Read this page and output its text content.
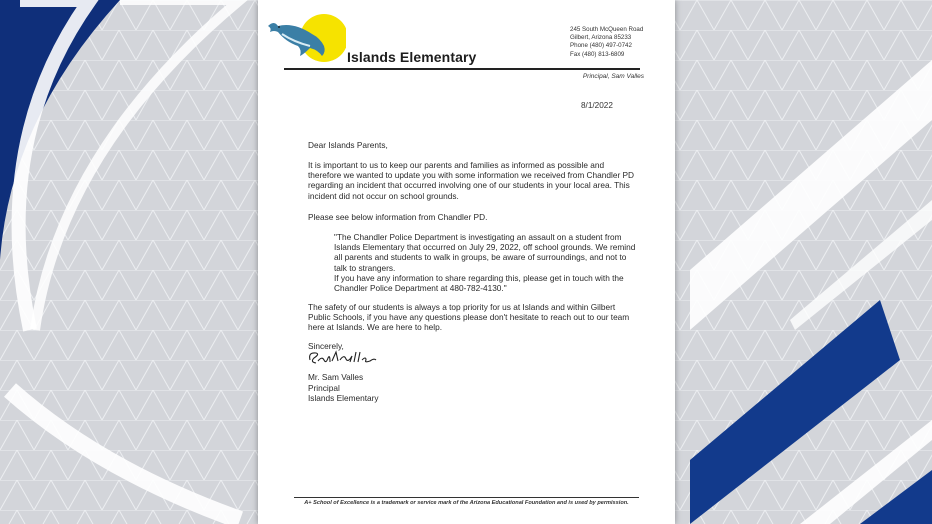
Islands Elementary
245 South McQueen Road
Gilbert, Arizona 85233
Phone (480) 497-0742
Fax (480) 813-6809
Principal, Sam Valles
8/1/2022
Dear Islands Parents,
It is important to us to keep our parents and families as informed as possible and therefore we wanted to update you with some information we received from Chandler PD regarding an incident that occurred involving one of our students in your local area. This incident did not occur on school grounds.
Please see below information from Chandler PD.
"The Chandler Police Department is investigating an assault on a student from Islands Elementary that occurred on July 29, 2022, off school grounds. We remind all parents and students to walk in groups, be aware of surroundings, and not to talk to strangers.
If you have any information to share regarding this, please get in touch with the Chandler Police Department at 480-782-4130."
The safety of our students is always a top priority for us at Islands and within Gilbert Public Schools, if you have any questions please don't hesitate to reach out to our team here at Islands. We are here to help.
Sincerely,
Mr. Sam Valles
Principal
Islands Elementary
A+ School of Excellence is a trademark or service mark of the Arizona Educational Foundation and is used by permission.
